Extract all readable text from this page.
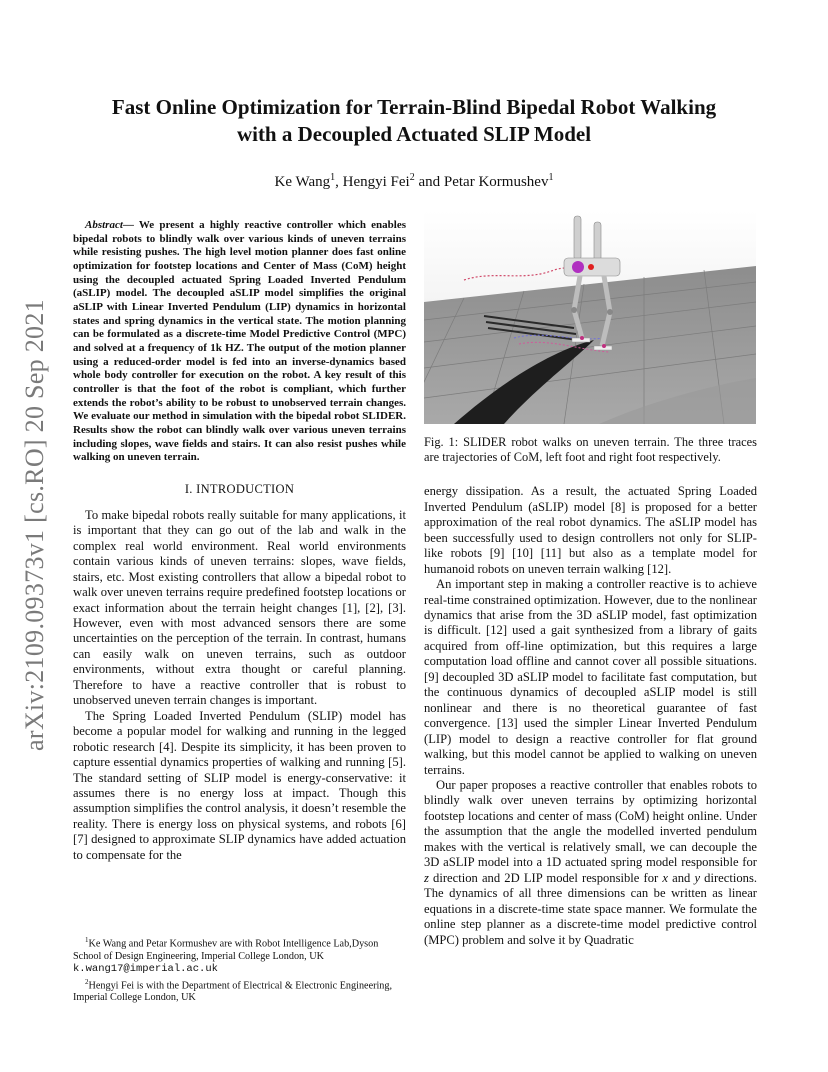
arXiv:2109.09373v1 [cs.RO] 20 Sep 2021
Fast Online Optimization for Terrain-Blind Bipedal Robot Walking
with a Decoupled Actuated SLIP Model
Ke Wang$^1$, Hengyi Fei$^2$ and Petar Kormushev$^1$

Abstract— We present a highly reactive controller which enables bipedal robots to blindly walk over various kinds of uneven terrains while resisting pushes. The high level motion planner does fast online optimization for footstep locations and Center of Mass (CoM) height using the decoupled actuated Spring Loaded Inverted Pendulum (aSLIP) model. The decoupled aSLIP model simplifies the original aSLIP with Linear Inverted Pendulum (LIP) dynamics in horizontal states and spring dynamics in the vertical state. The motion planning can be formulated as a discrete-time Model Predictive Control (MPC) and solved at a frequency of 1k HZ. The output of the motion planner using a reduced-order model is fed into an inverse-dynamics based whole body controller for execution on the robot. A key result of this controller is that the foot of the robot is compliant, which further extends the robot’s ability to be robust to unobserved terrain changes. We evaluate our method in simulation with the bipedal robot SLIDER. Results show the robot can blindly walk over various uneven terrains including slopes, wave fields and stairs. It can also resist pushes while walking on uneven terrain.

I. INTRODUCTION

To make bipedal robots really suitable for many applications, it is important that they can go out of the lab and walk in the complex real world environment. Real world environments contain various kinds of uneven terrains: slopes, wave fields, stairs, etc. Most existing controllers that allow a bipedal robot to walk over uneven terrains require predefined footstep locations or exact information about the terrain height changes [1], [2], [3]. However, even with most advanced sensors there are some uncertainties on the perception of the terrain. In contrast, humans can easily walk on uneven terrains, such as outdoor environments, without extra thought or careful planning. Therefore to have a reactive controller that is robust to unobserved uneven terrain changes is important.

The Spring Loaded Inverted Pendulum (SLIP) model has become a popular model for walking and running in the legged robotic research [4]. Despite its simplicity, it has been proven to capture essential dynamics properties of walking and running [5]. The standard setting of SLIP model is energy-conservative: it assumes there is no energy loss at impact. Though this assumption simplifies the control analysis, it doesn’t resemble the reality. There is energy loss on physical systems, and robots [6] [7] designed to approximate SLIP dynamics have added actuation to compensate for the

$^1$Ke Wang and Petar Kormushev are with Robot Intelligence Lab,Dyson School of Design Engineering, Imperial College London, UK
k.wang17@imperial.ac.uk

$^2$Hengyi Fei is with the Department of Electrical & Electronic Engineering, Imperial College London, UK

Fig. 1: SLIDER robot walks on uneven terrain. The three traces are trajectories of CoM, left foot and right foot respectively.

energy dissipation. As a result, the actuated Spring Loaded Inverted Pendulum (aSLIP) model [8] is proposed for a better approximation of the real robot dynamics. The aSLIP model has been successfully used to design controllers not only for SLIP-like robots [9] [10] [11] but also as a template model for humanoid robots on uneven terrain walking [12].

An important step in making a controller reactive is to achieve real-time constrained optimization. However, due to the nonlinear dynamics that arise from the 3D aSLIP model, fast optimization is difficult. [12] used a gait synthesized from a library of gaits acquired from off-line optimization, but this requires a large computation load offline and cannot cover all possible situations. [9] decoupled 3D aSLIP model to facilitate fast computation, but the continuous dynamics of decoupled aSLIP model is still nonlinear and there is no theoretical guarantee of fast convergence. [13] used the simpler Linear Inverted Pendulum (LIP) model to design a reactive controller for flat ground walking, but this model cannot be applied to walking on uneven terrains.

Our paper proposes a reactive controller that enables robots to blindly walk over uneven terrains by optimizing horizontal footstep locations and center of mass (CoM) height online. Under the assumption that the angle the modelled inverted pendulum makes with the vertical is relatively small, we can decouple the 3D aSLIP model into a 1D actuated spring model responsible for z direction and 2D LIP model responsible for x and y directions. The dynamics of all three dimensions can be written as linear equations in a discrete-time state space manner. We formulate the online step planner as a discrete-time model predictive control (MPC) problem and solve it by Quadratic
